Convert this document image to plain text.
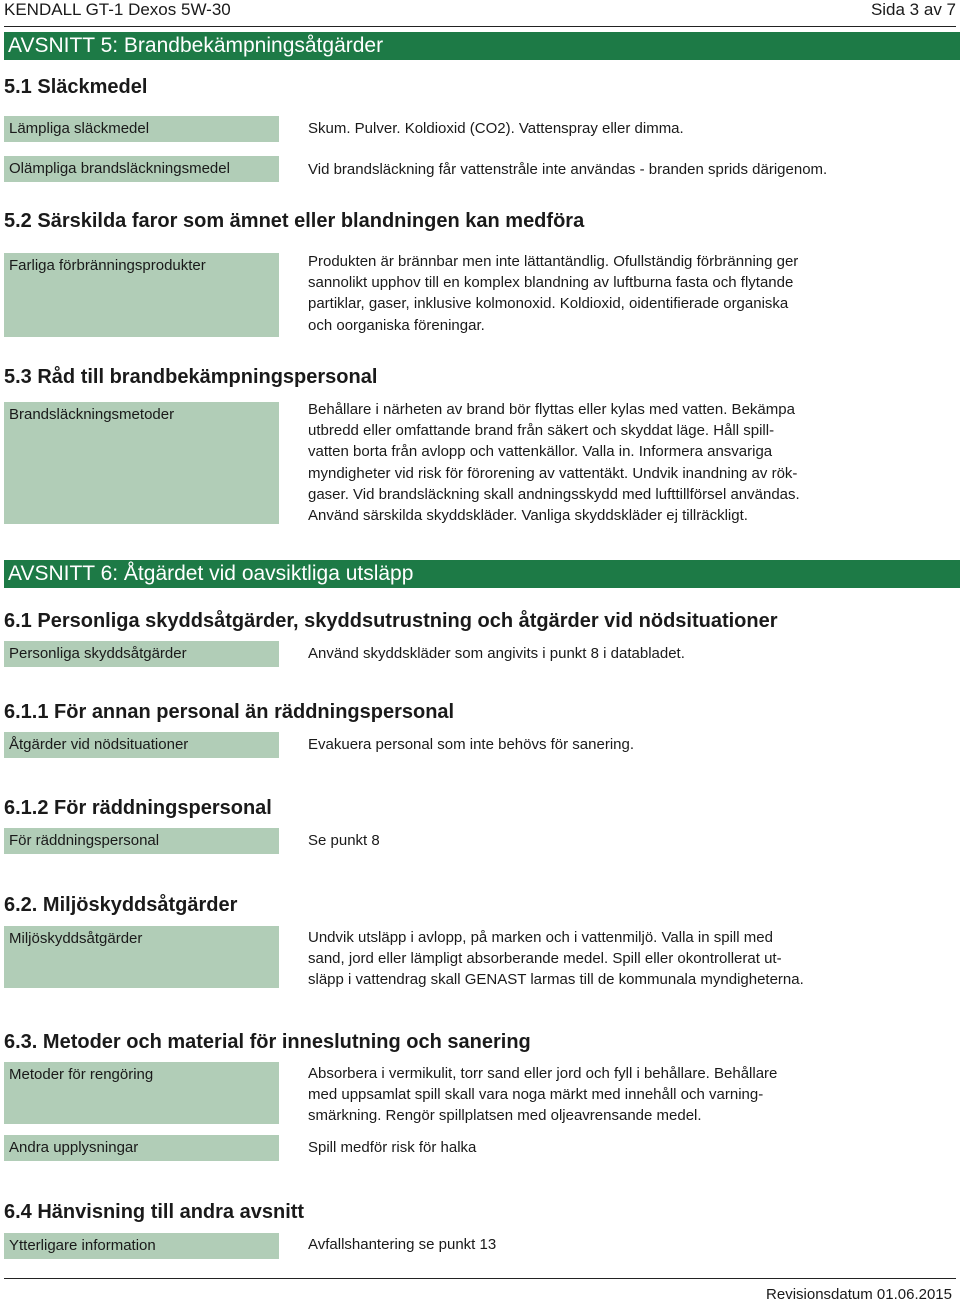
KENDALL GT-1 Dexos 5W-30	Sida 3 av 7
AVSNITT 5: Brandbekämpningsåtgärder
5.1 Släckmedel
Lämpliga släckmedel	Skum. Pulver. Koldioxid (CO2). Vattenspray eller dimma.
Olämpliga brandsläckningsmedel	Vid brandsläckning får vattenstråle inte användas - branden sprids därigenom.
5.2 Särskilda faror som ämnet eller blandningen kan medföra
Farliga förbränningsprodukter	Produkten är brännbar men inte lättantändlig. Ofullständig förbränning ger
sannolikt upphov till en komplex blandning av luftburna fasta och flytande
partiklar, gaser, inklusive kolmonoxid. Koldioxid, oidentifierade organiska
och oorganiska föreningar.
5.3 Råd till brandbekämpningspersonal
Brandsläckningsmetoder	Behållare i närheten av brand bör flyttas eller kylas med vatten. Bekämpa
utbredd eller omfattande brand från säkert och skyddat läge. Håll spill-
vatten borta från avlopp och vattenkällor. Valla in. Informera ansvariga
myndigheter vid risk för förorening av vattentäkt. Undvik inandning av rök-
gaser. Vid brandsläckning skall andningsskydd med lufttillförsel användas.
Använd särskilda skyddskläder. Vanliga skyddskläder ej tillräckligt.
AVSNITT 6: Åtgärdet vid oavsiktliga utsläpp
6.1 Personliga skyddsåtgärder, skyddsutrustning och åtgärder vid nödsituationer
Personliga skyddsåtgärder	Använd skyddskläder som angivits i punkt 8 i databladet.
6.1.1 För annan personal än räddningspersonal
Åtgärder vid nödsituationer	Evakuera personal som inte behövs för sanering.
6.1.2 För räddningspersonal
För räddningspersonal	Se punkt 8
6.2. Miljöskyddsåtgärder
Miljöskyddsåtgärder	Undvik utsläpp i avlopp, på marken och i vattenmiljö. Valla in spill med
sand, jord eller lämpligt absorberande medel. Spill eller okontrollerat ut-
släpp i vattendrag skall GENAST larmas till de kommunala myndigheterna.
6.3. Metoder och material för inneslutning och sanering
Metoder för rengöring	Absorbera i vermikulit, torr sand eller jord och fyll i behållare. Behållare
med uppsamlat spill skall vara noga märkt med innehåll och varning-
smärkning. Rengör spillplatsen med oljeavrensande medel.
Andra upplysningar	Spill medför risk för halka
6.4 Hänvisning till andra avsnitt
Ytterligare information	Avfallshantering se punkt 13
Revisionsdatum 01.06.2015
